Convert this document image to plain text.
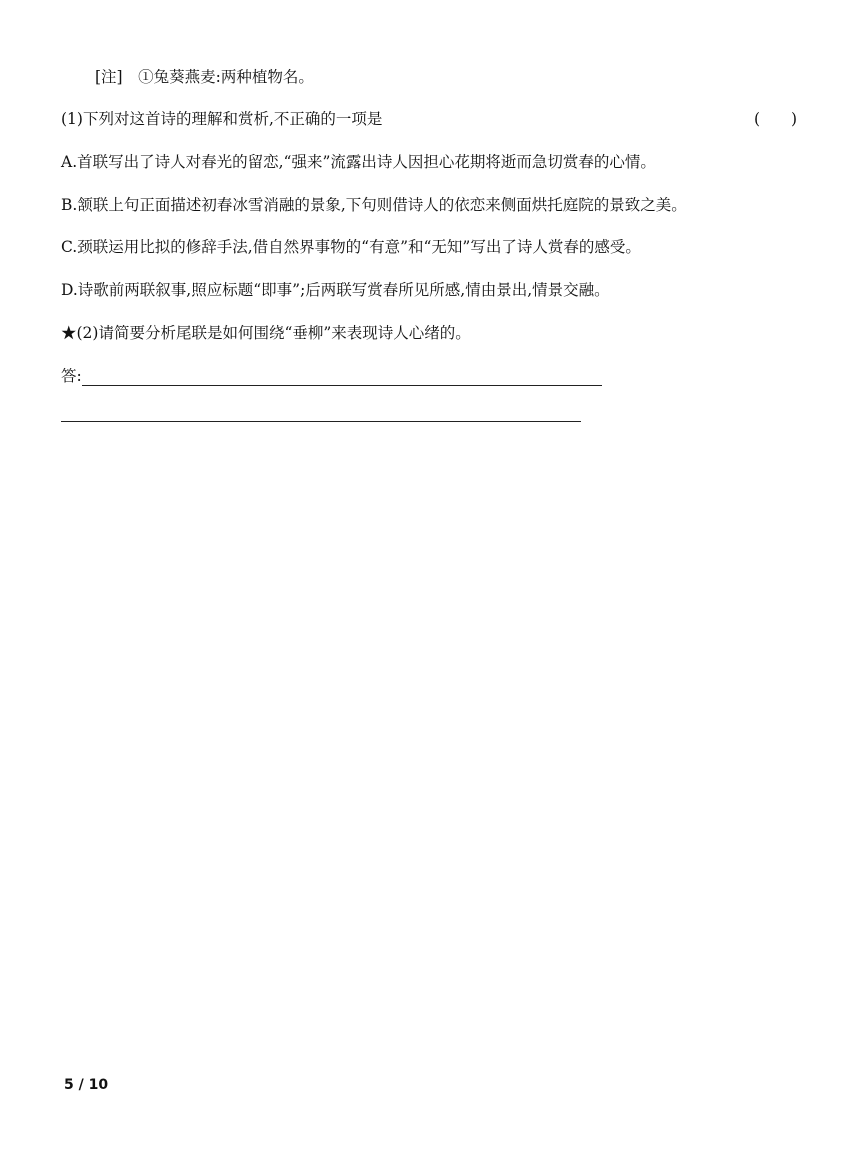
[注]　①兔葵燕麦:两种植物名。
(1)下列对这首诗的理解和赏析,不正确的一项是	(　　)
A.首联写出了诗人对春光的留恋,“强来”流露出诗人因担心花期将逝而急切赏春的心情。
B.颔联上句正面描述初春冰雪消融的景象,下句则借诗人的依恋来侧面烘托庭院的景致之美。
C.颈联运用比拟的修辞手法,借自然界事物的“有意”和“无知”写出了诗人赏春的感受。
D.诗歌前两联叙事,照应标题“即事”;后两联写赏春所见所感,情由景出,情景交融。
★(2)请简要分析尾联是如何围绕“垂柳”来表现诗人心绪的。
答:
5 / 10
